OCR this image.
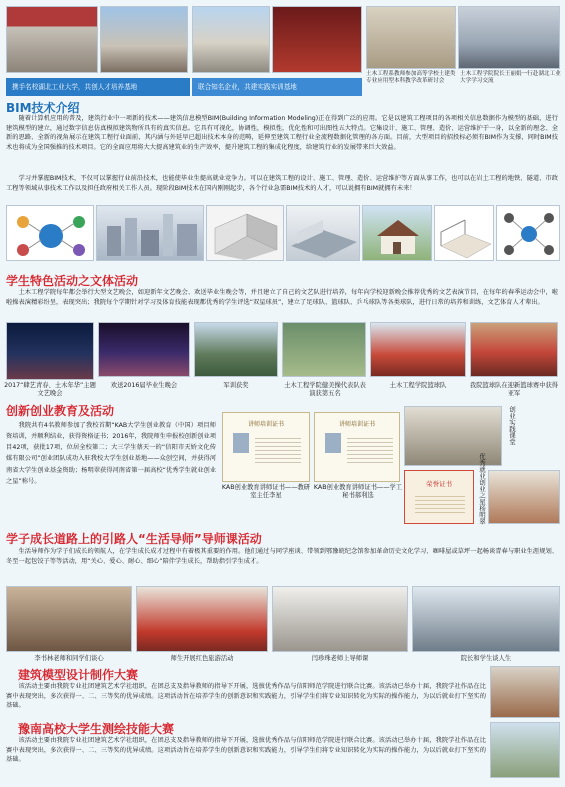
携手名校湖北工业大学，共创人才培养基地	联合知名企业，共建实践实训基地
土木工程系教师参加高等学校土建类专业应用型本科教学改革研讨会
土木工程学院院长王丽娟一行赴湖北工业大学学习交流
BIM技术介绍
随着计算机应用的普及，建筑行业中一项新的技术——建筑信息模型BIM(Building Information Modeling)正在得到广泛的应用。它是以建筑工程项目的各项相关信息数据作为模型的基础，进行建筑模型的建立，通过数字信息仿真模拟建筑物所具有的真实信息。它具有可视化，协调性，模拟性，优化性和可出图性五大特点。它集设计、施工、管理、造价、运营维护于一身，以全新的理念、全新的思路、全新的视角展示在建筑工程行业面前，其内涵与外延早已超出技术本身的范畴，延伸至建筑工程行业全流程数据化管理的各方面。目前，大型项目的招投标必须有BIM作为支撑，同时BIM技术也将成为全国强推的技术项目。它的全面应用将大大提高建筑业的生产效率，提升建筑工程的集成化程度，给建筑行业的发展带来巨大效益。
学习并掌握BIM技术，不仅可以掌握行业前沿技术，也能使毕业生提高就业竞争力。可以在建筑工程的设计、施工、管理、造价、运营维护等方面从事工作，也可以在岩土工程的地铁、隧道、市政工程等领域从事技术工作以及担任政府相关工作人员。现阶段BIM技术在国内刚刚起步，各个行业急需BIM技术的人才，可以说拥有BIM就拥有未来！
学生特色活动之文体活动
土木工程学院每年都会举行大型文艺晚会，如迎新年文艺晚会、欢送毕业生晚会等，并且建立了自己的文艺队进行培养，每年向学校迎新晚会推荐优秀的文艺表演节目，在每年的春季运动会中，啦啦操表演精彩纷呈，表现突出；我院每个学期针对学习及体育技能表现都优秀的学生评选“双星球员”，建立了足球队、篮球队、乒乓球队等各类球队，进行日常的培养和训练，文艺体育人才辈出。
2017“肆艺青春、土木年华”主题文艺晚会
欢送2016届毕业生晚会	军训获奖	土木工程学院健美操代表队表演获第五名
土木工程学院篮球队	我院篮球队在迎新篮球赛中获得亚军
创新创业教育及活动
我院共有4名教师参加了我校首期“KAB大学生创业教育（中国）项目师资培训，并顺利结业，获得资格证书；2016年，我院师生申报校创新创业项目42项，获批17项，位居全校第二；大三学生蔡天一的“信阳市天娇文化传媒有限公司”创业团队成功入驻我校大学生创业基地——众创空间，并获得河南省大学生创业基金资助；杨明翠获得河南省第一届高校“优秀学生就业创业之星”称号。
讲师培训证书	讲师培训证书
KAB创业教育讲师证书——教研室主任李星
KAB创业教育讲师证书——学工秘书郝利选
创业实践课堂
荣誉证书	优秀就业创业之星杨明翠
学子成长道路上的引路人“生活导师”导师课活动
生活导师作为学子们成长的领航人，在学生成长成才过程中有着极其重要的作用。他们通过与同学座谈、带领到鄂豫皖纪念馆参加革命历史文化学习、咖啡屋或草坪一起畅谈青春与职业生涯规划、冬至一起包饺子等等活动，用“关心、爱心、耐心、细心”陪伴学生成长，帮助指引学生成才。
李书林老师和同学们谈心	师生开展红色旅游活动	闫珍珠老师上导师课	院长和学生谈人生
建筑模型设计制作大赛
该活动主要由我院专业社团建筑艺术学社组织，在团总支及指导教师的指导下开展，选拔优秀作品与信阳师范学院进行联合比赛。该活动已举办十届，我院学社作品在比赛中表现突出，多次获得一、二、三等奖的优异成绩。这项活动旨在培养学生的创新意识和实践能力，引导学生们将专业知识转化为实际的操作能力，为以后就业打下坚实的基础。
豫南高校大学生测绘技能大赛
该活动主要由我院专业社团建筑艺术学社组织，在团总支及指导教师的指导下开展，选拔优秀作品与信阳师范学院进行联合比赛。该活动已举办十届，我院学社作品在比赛中表现突出，多次获得一、二、三等奖的优异成绩。这项活动旨在培养学生的创新意识和实践能力，引导学生们将专业知识转化为实际的操作能力，为以后就业打下坚实的基础。
